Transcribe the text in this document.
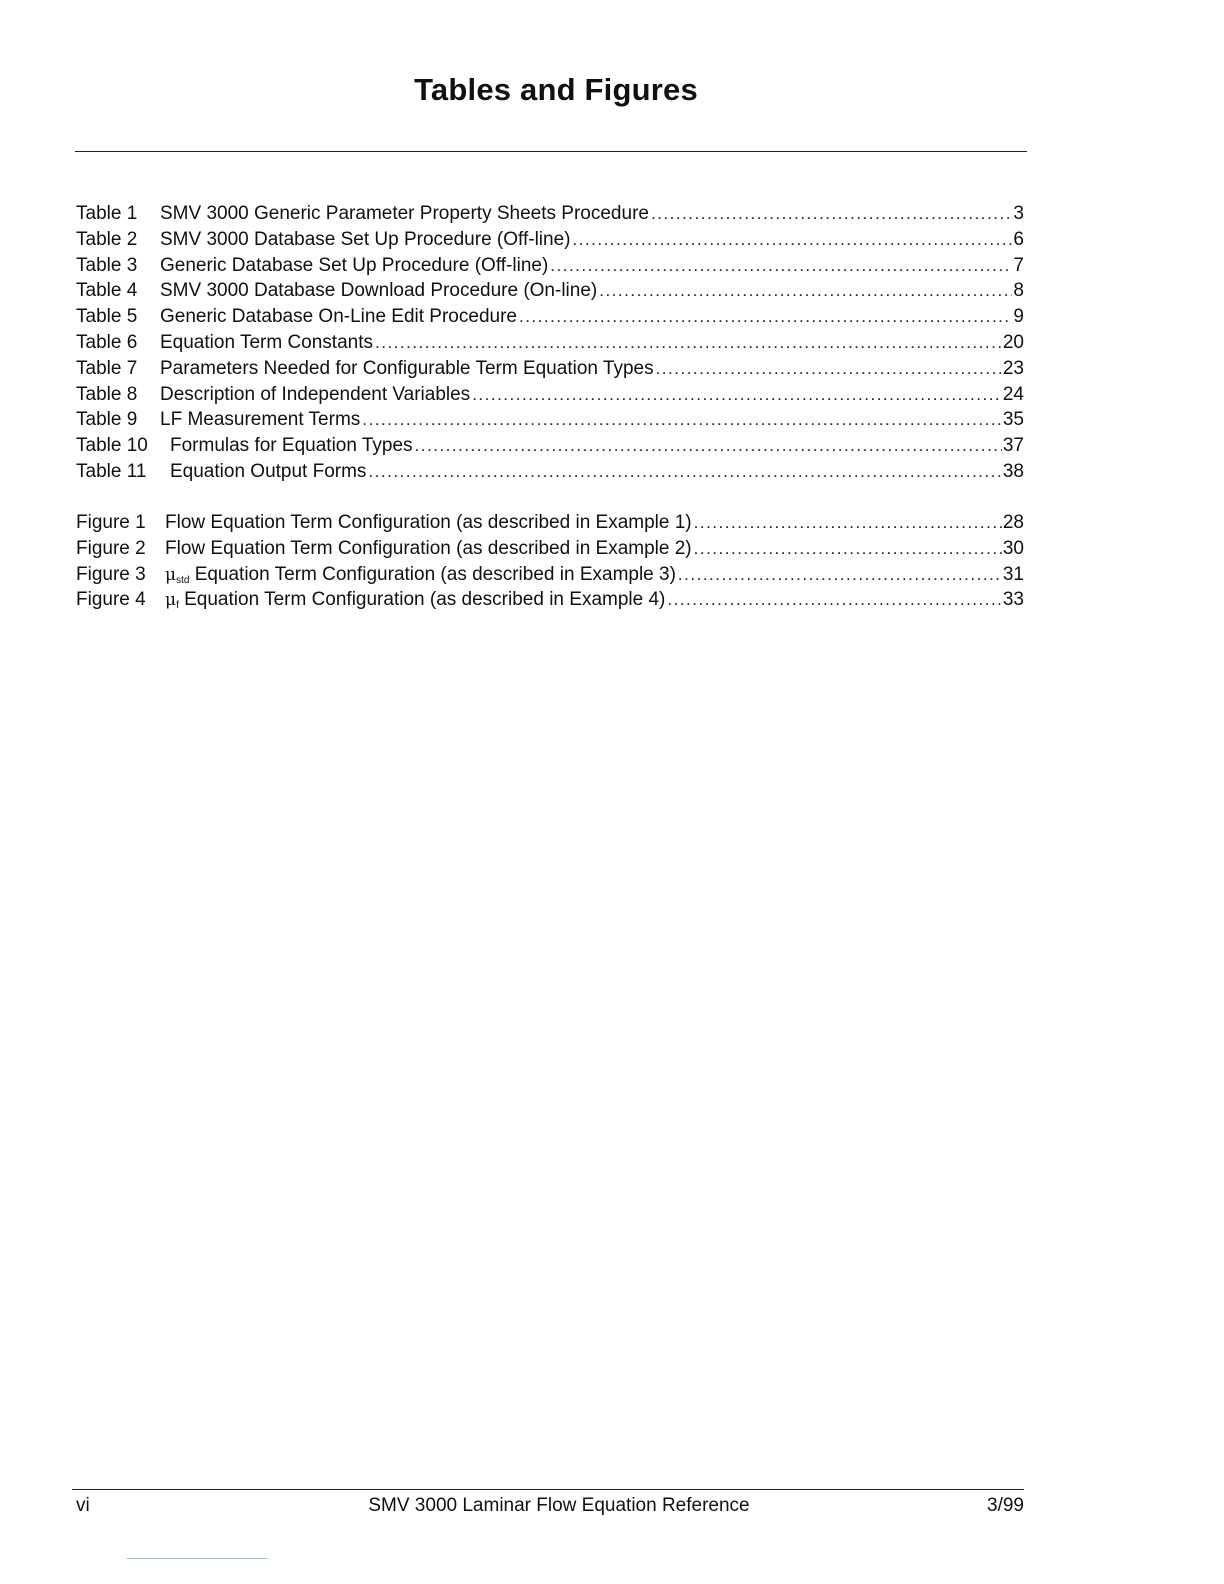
Tables and Figures
Table 1	SMV 3000 Generic Parameter Property Sheets Procedure .....	3
Table 2	SMV 3000 Database Set Up Procedure (Off-line) .....	6
Table 3	Generic Database Set Up Procedure (Off-line) .....	7
Table 4	SMV 3000 Database Download Procedure (On-line) .....	8
Table 5	Generic Database On-Line Edit Procedure .....	9
Table 6	Equation Term Constants .....	20
Table 7	Parameters Needed for Configurable Term Equation Types .....	23
Table 8	Description of Independent Variables .....	24
Table 9	LF Measurement Terms .....	35
Table 10	Formulas for Equation Types .....	37
Table 11	Equation Output Forms .....	38
Figure 1	Flow Equation Term Configuration (as described in Example 1) .....	28
Figure 2	Flow Equation Term Configuration (as described in Example 2) .....	30
Figure 3	$\mu_{std}$ Equation Term Configuration (as described in Example 3) .....	31
Figure 4	$\mu_f$ Equation Term Configuration (as described in Example 4) .....	33
vi	SMV 3000 Laminar Flow Equation Reference	3/99
